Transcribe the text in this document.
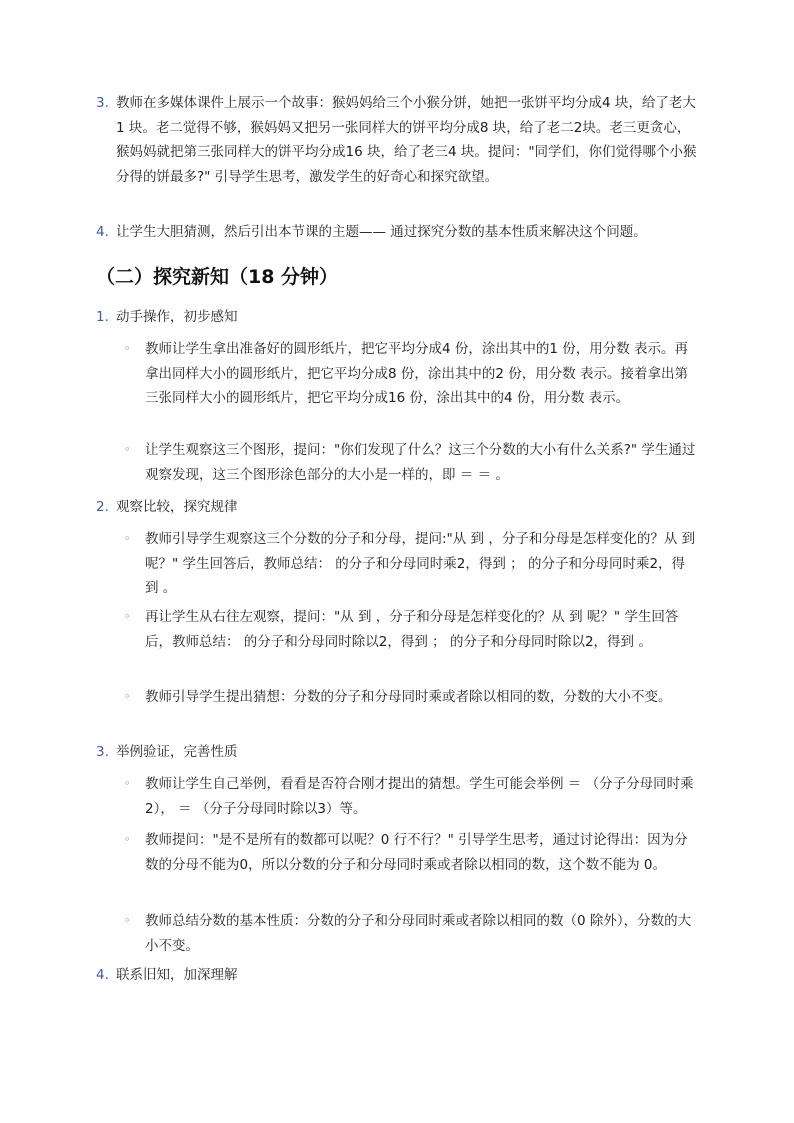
3. 教师在多媒体课件上展示一个故事：猴妈妈给三个小猴分饼，她把一张饼平均分成4 块，给了老大 1 块。老二觉得不够，猴妈妈又把另一张同样大的饼平均分成8 块，给了老二2块。老三更贪心，猴妈妈就把第三张同样大的饼平均分成16 块，给了老三4 块。提问："同学们，你们觉得哪个小猴分得的饼最多?" 引导学生思考，激发学生的好奇心和探究欲望。
4. 让学生大胆猜测，然后引出本节课的主题—— 通过探究分数的基本性质来解决这个问题。
（二）探究新知（18 分钟）
1. 动手操作，初步感知
◦ 教师让学生拿出准备好的圆形纸片，把它平均分成4 份，涂出其中的1 份，用分数 表示。再拿出同样大小的圆形纸片，把它平均分成8 份，涂出其中的2 份，用分数 表示。接着拿出第三张同样大小的圆形纸片，把它平均分成16 份，涂出其中的4 份，用分数 表示。
◦ 让学生观察这三个图形，提问："你们发现了什么？这三个分数的大小有什么关系?" 学生通过观察发现，这三个图形涂色部分的大小是一样的，即 ＝ ＝ 。
2. 观察比较，探究规律
◦ 教师引导学生观察这三个分数的分子和分母，提问:"从 到 ，分子和分母是怎样变化的？从 到 呢？" 学生回答后，教师总结： 的分子和分母同时乘2，得到 ； 的分子和分母同时乘2，得到 。
◦ 再让学生从右往左观察，提问："从 到 ，分子和分母是怎样变化的？从 到 呢？" 学生回答后，教师总结： 的分子和分母同时除以2，得到 ； 的分子和分母同时除以2，得到 。
◦ 教师引导学生提出猜想：分数的分子和分母同时乘或者除以相同的数，分数的大小不变。
3. 举例验证，完善性质
◦ 教师让学生自己举例，看看是否符合刚才提出的猜想。学生可能会举例 ＝ （分子分母同时乘2）， ＝ （分子分母同时除以3）等。
◦ 教师提问："是不是所有的数都可以呢？0 行不行？" 引导学生思考，通过讨论得出：因为分数的分母不能为0，所以分数的分子和分母同时乘或者除以相同的数，这个数不能为 0。
◦ 教师总结分数的基本性质：分数的分子和分母同时乘或者除以相同的数（0 除外），分数的大小不变。
4. 联系旧知，加深理解
